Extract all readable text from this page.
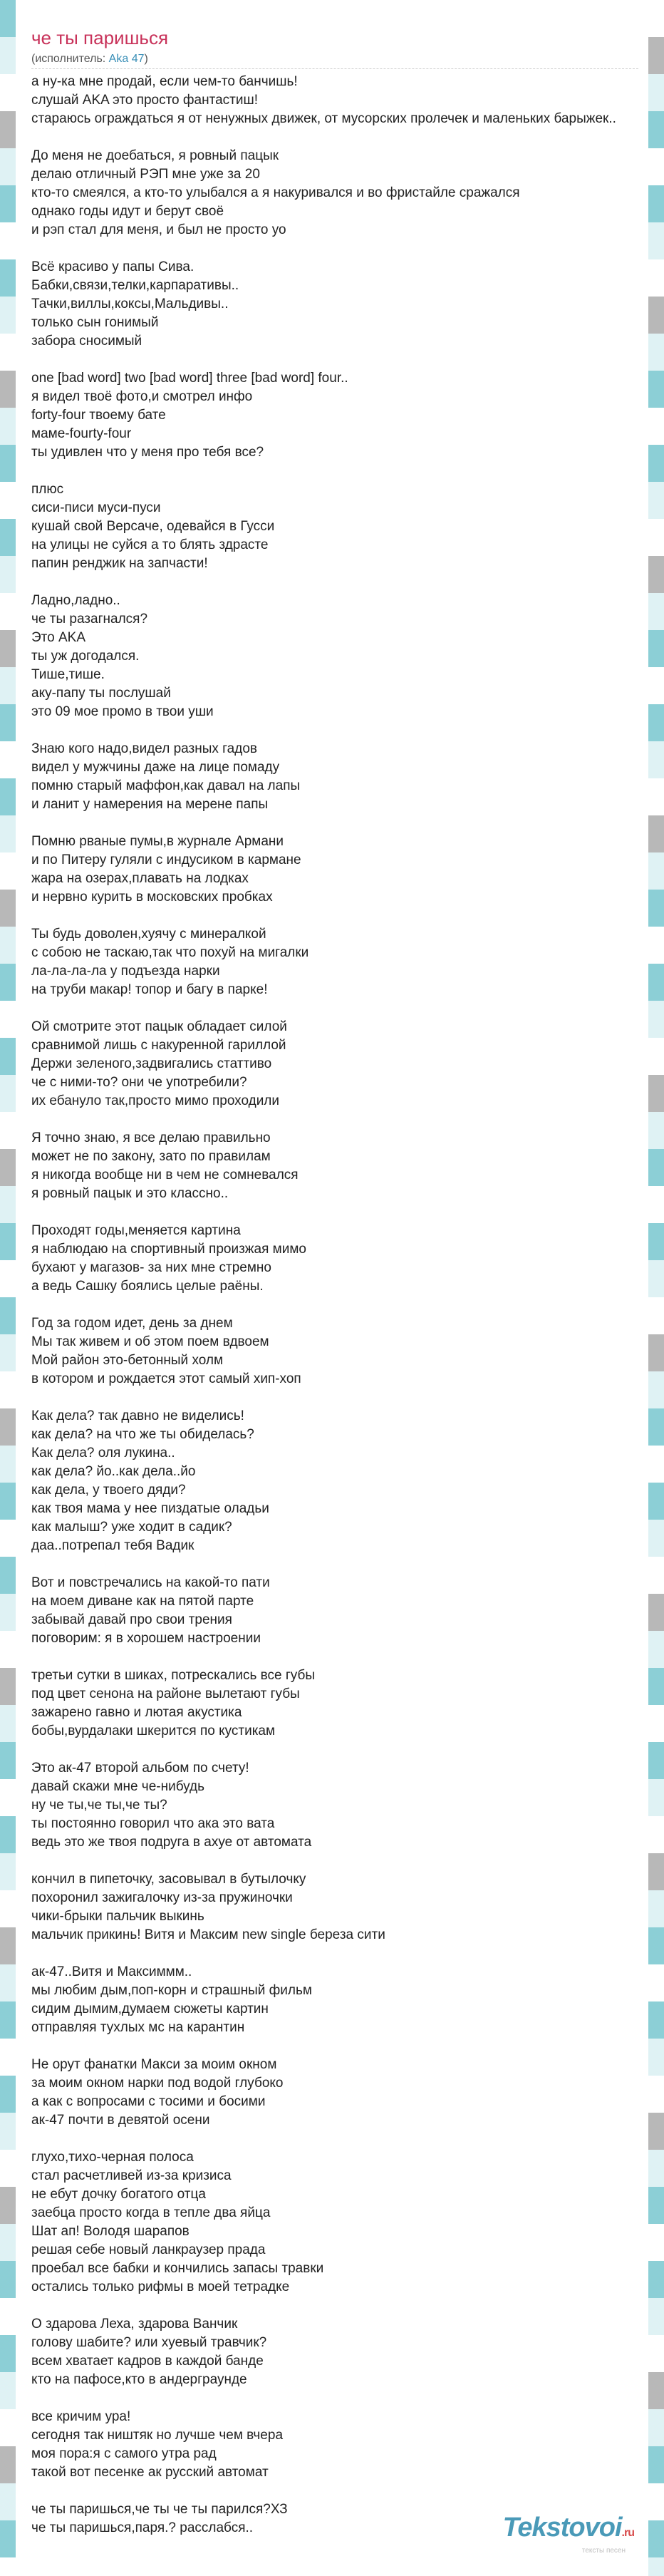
че ты паришься
(исполнитель: Aka 47)
а ну-ка мне продай, если чем-то банчишь!
слушай AKA это просто фантастиш!
стараюсь ограждаться я от ненужных движек, от мусорских пролечек и маленьких барыжек..

До меня не доебаться, я ровный пацык
делаю отличный РЭП мне уже за 20
кто-то смеялся, а кто-то улыбался а я накуривался и во фристайле сражался
однако годы идут и берут своё
и рэп стал для меня, и был не просто уо

Всё красиво у папы Сива.
Бабки,связи,телки,карпаративы..
Тачки,виллы,коксы,Мальдивы..
только сын гонимый
забора сносимый

one [bad word] two [bad word] three [bad word] four..
я видел твоё фото,и смотрел инфо
forty-four твоему бате
маме-fourty-four
ты удивлен что у меня про тебя все?

плюс
сиси-писи муси-пуси
кушай свой Версаче, одевайся в Гусси
на улицы не суйся а то блять здрасте
папин ренджик на запчасти!

Ладно,ладно..
че ты разагнался?
Это AKA
ты уж догодался.
Тише,тише.
аку-папу ты послушай
это 09 мое промо в твои уши

Знаю кого надо,видел разных гадов
видел у мужчины даже на лице помаду
помню старый маффон,как давал на лапы
и ланит у намерения на мерене папы

Помню рваные пумы,в журнале Армани
и по Питеру гуляли с индусиком в кармане
жара на озерах,плавать на лодках
и нервно курить в московских пробках

Ты будь доволен,хуячу с минералкой
с собою не таскаю,так что похуй на мигалки
ла-ла-ла-ла у подъезда нарки
на труби макар! топор и багу в парке!

Ой смотрите этот пацык обладает силой
сравнимой лишь с накуренной гариллой
Держи зеленого,задвигались статтиво
че с ними-то? они че употребили?
их ебануло так,просто мимо проходили

Я точно знаю, я все делаю правильно
может не по закону, зато по правилам
я никогда вообще ни в чем не сомневался
я ровный пацык и это классно..

Проходят годы,меняется картина
я наблюдаю на спортивный произжая мимо
бухают у магазов- за них мне стремно
а ведь Сашку боялись целые раёны.

Год за годом идет, день за днем
Мы так живем и об этом поем вдвоем
Мой район это-бетонный холм
в котором и рождается этот самый хип-хоп

Как дела? так давно не виделись!
как дела? на что же ты обиделась?
Как дела? оля лукина..
как дела? йо..как дела..йо
как дела, у твоего дяди?
как твоя мама у нее пиздатые оладьи
как малыш? уже ходит в садик?
даа..потрепал тебя Вадик

Вот и повстречались на какой-то пати
на моем диване как на пятой парте
забывай давай про свои трения
поговорим: я в хорошем настроении

третьи сутки в шиках, потрескались все губы
под цвет сенона на районе вылетают губы
зажарено гавно и лютая акустика
бобы,вурдалаки шкерится по кустикам

Это ак-47 второй альбом по счету!
давай скажи мне че-нибудь
ну че ты,че ты,че ты?
ты постоянно говорил что ака это вата
ведь это же твоя подруга в ахуе от автомата

кончил в пипеточку, засовывал в бутылочку
похоронил зажигалочку из-за пружиночки
чики-брыки пальчик выкинь
мальчик прикинь! Витя и Максим new single береза сити

ак-47..Витя и Максиммм..
мы любим дым,поп-корн и страшный фильм
сидим дымим,думаем сюжеты картин
отправляя тухлых мс на карантин

Не орут фанатки Макси за моим окном
за моим окном нарки под водой глубоко
а как с вопросами с тосими и босими
ак-47 почти в девятой осени

глухо,тихо-черная полоса
стал расчетливей из-за кризиса
не ебут дочку богатого отца
заебца просто когда в тепле два яйца
Шат ап! Володя шарапов
решая себе новый ланкраузер прада
проебал все бабки и кончились запасы травки
остались только рифмы в моей тетрадке

О здарова Леха, здарова Ванчик
голову шабите? или хуевый травчик?
всем хватает кадров в каждой банде
кто на пафосе,кто в андерграунде

все кричим ура!
сегодня так ништяк но лучше чем вчера
моя пора:я с самого утра рад
такой вот песенке ак русский автомат

че ты паришься,че ты че ты парился?ХЗ
че ты паришься,паря.? расслабся..	Tekstovoi.ru
тексты песен
